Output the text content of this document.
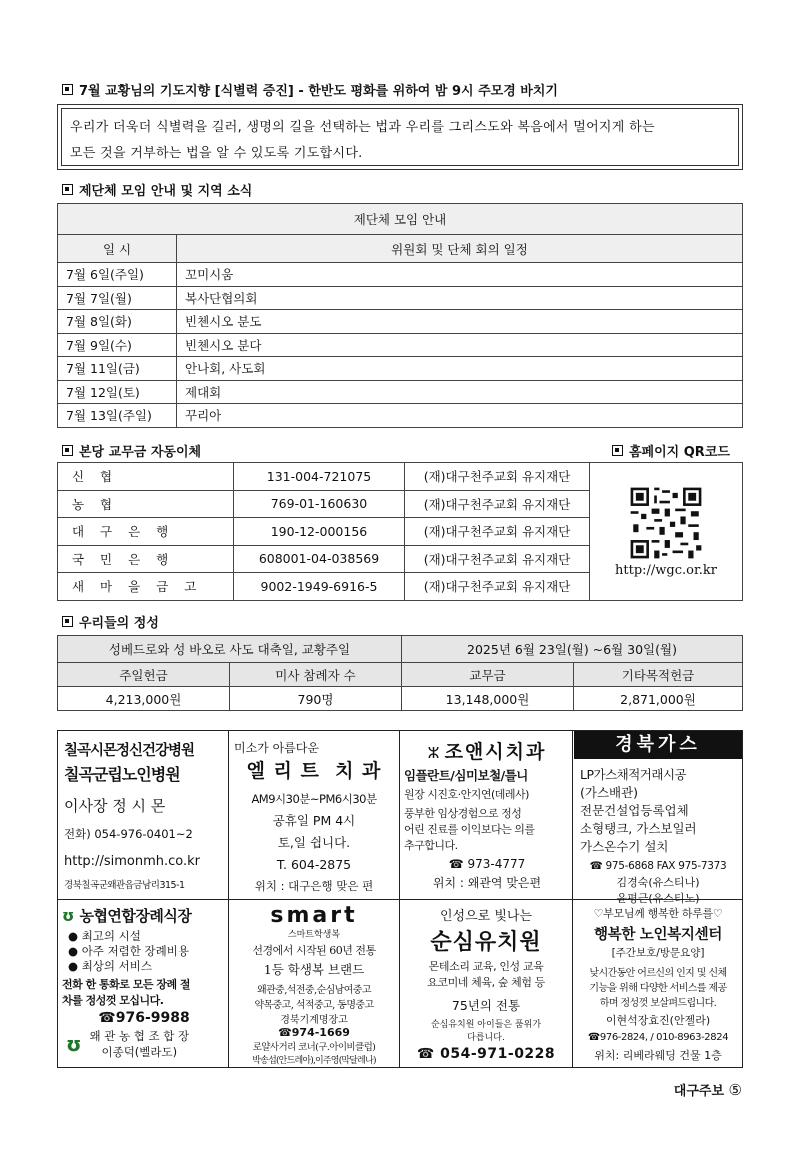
7월 교황님의 기도지향 [식별력 증진] - 한반도 평화를 위하여 밤 9시 주모경 바치기
우리가 더욱더 식별력을 길러, 생명의 길을 선택하는 법과 우리를 그리스도와 복음에서 멀어지게 하는
모든 것을 거부하는 법을 알 수 있도록 기도합시다.
제단체 모임 안내 및 지역 소식
제단체 모임 안내	
일 시	위원회 및 단체 회의 일정
7월 6일(주일)	꼬미시움
7월 7일(월)	복사단협의회
7월 8일(화)	빈첸시오 분도
7월 9일(수)	빈첸시오 분다
7월 11일(금)	안나회, 사도회
7월 12일(토)	제대회
7월 13일(주일)	꾸리아
본당 교무금 자동이체	홈페이지 QR코드
신 협	131-004-721075	(재)대구천주교회 유지재단	http://wgc.or.kr

농 협	769-01-160630	(재)대구천주교회 유지재단	
대 구 은 행	190-12-000156	(재)대구천주교회 유지재단	
국 민 은 행	608001-04-038569	(재)대구천주교회 유지재단	
새 마 을 금 고	9002-1949-6916-5	(재)대구천주교회 유지재단	
우리들의 정성
성베드로와 성 바오로 사도 대축일, 교황주일		2025년 6월 23일(월) ~6월 30일(월)	
주일헌금	미사 참례자 수	교무금	기타목적헌금
4,213,000원	790명	13,148,000원	2,871,000원
칠곡시몬정신건강병원
칠곡군립노인병원
이사장 정 시 몬
전화) 054-976-0401~2
http://simonmh.co.kr
경북칠곡군왜관읍금남리315-1
미소가 아름다운
엘 리 트  치 과
AM9시30분~PM6시30분
공휴일 PM 4시
토,일 쉽니다.
T. 604-2875
위치 : 대구은행 맞은 편
ⵣ 조앤시치과
임플란트/심미보철/틀니
원장 시진호·안지연(데레사)
풍부한 임상경험으로 정성
어린 진료를 이익보다는 의를
추구합니다.
☎ 973-4777
위치 : 왜관역 맞은편
경북가스
LP가스채적거래시공
(가스배관)
전문건설업등록업체
소형탱크, 가스보일러
가스온수기 설치
☎ 975-6868 FAX 975-7373
김경숙(유스티나)
윤평근(유스티노)
ʊ 농협연합장례식장
● 최고의 시설
● 아주 저렴한 장례비용
● 최상의 서비스
전화 한 통화로 모든 장례 절
차를 정성껏 모십니다.
☎976-9988
ʊ 왜 관 농 협 조 합 장
이종덕(벨라도)
smart
스마트학생복
선경에서 시작된 60년 전통
1등 학생복 브랜드
왜관중,석전중,순심남여중고
약목중고, 석적중고, 동명중고
경북기계명장고
☎974-1669
로얄사거리 코너(구.아이비클럽)
박송섭(안드레아),이주영(막달레나)
인성으로 빛나는
순심유치원
몬테소리 교육, 인성 교육
요코미네 체육, 숲 체험 등
75년의 전통
순심유치원 아이들은 품위가
다릅니다.
☎ 054-971-0228
♡부모님께 행복한 하루를♡
행복한 노인복지센터
[주간보호/방문요양]
낮시간동안 어르신의 인지 및 신체
기능을 위해 다양한 서비스를 제공
하며 정성껏 보살펴드립니다.
이현석장효진(안젤라)
☎976-2824, / 010-8963-2824
위치: 리베라웨딩 건물 1층
대구주보 ⑤
